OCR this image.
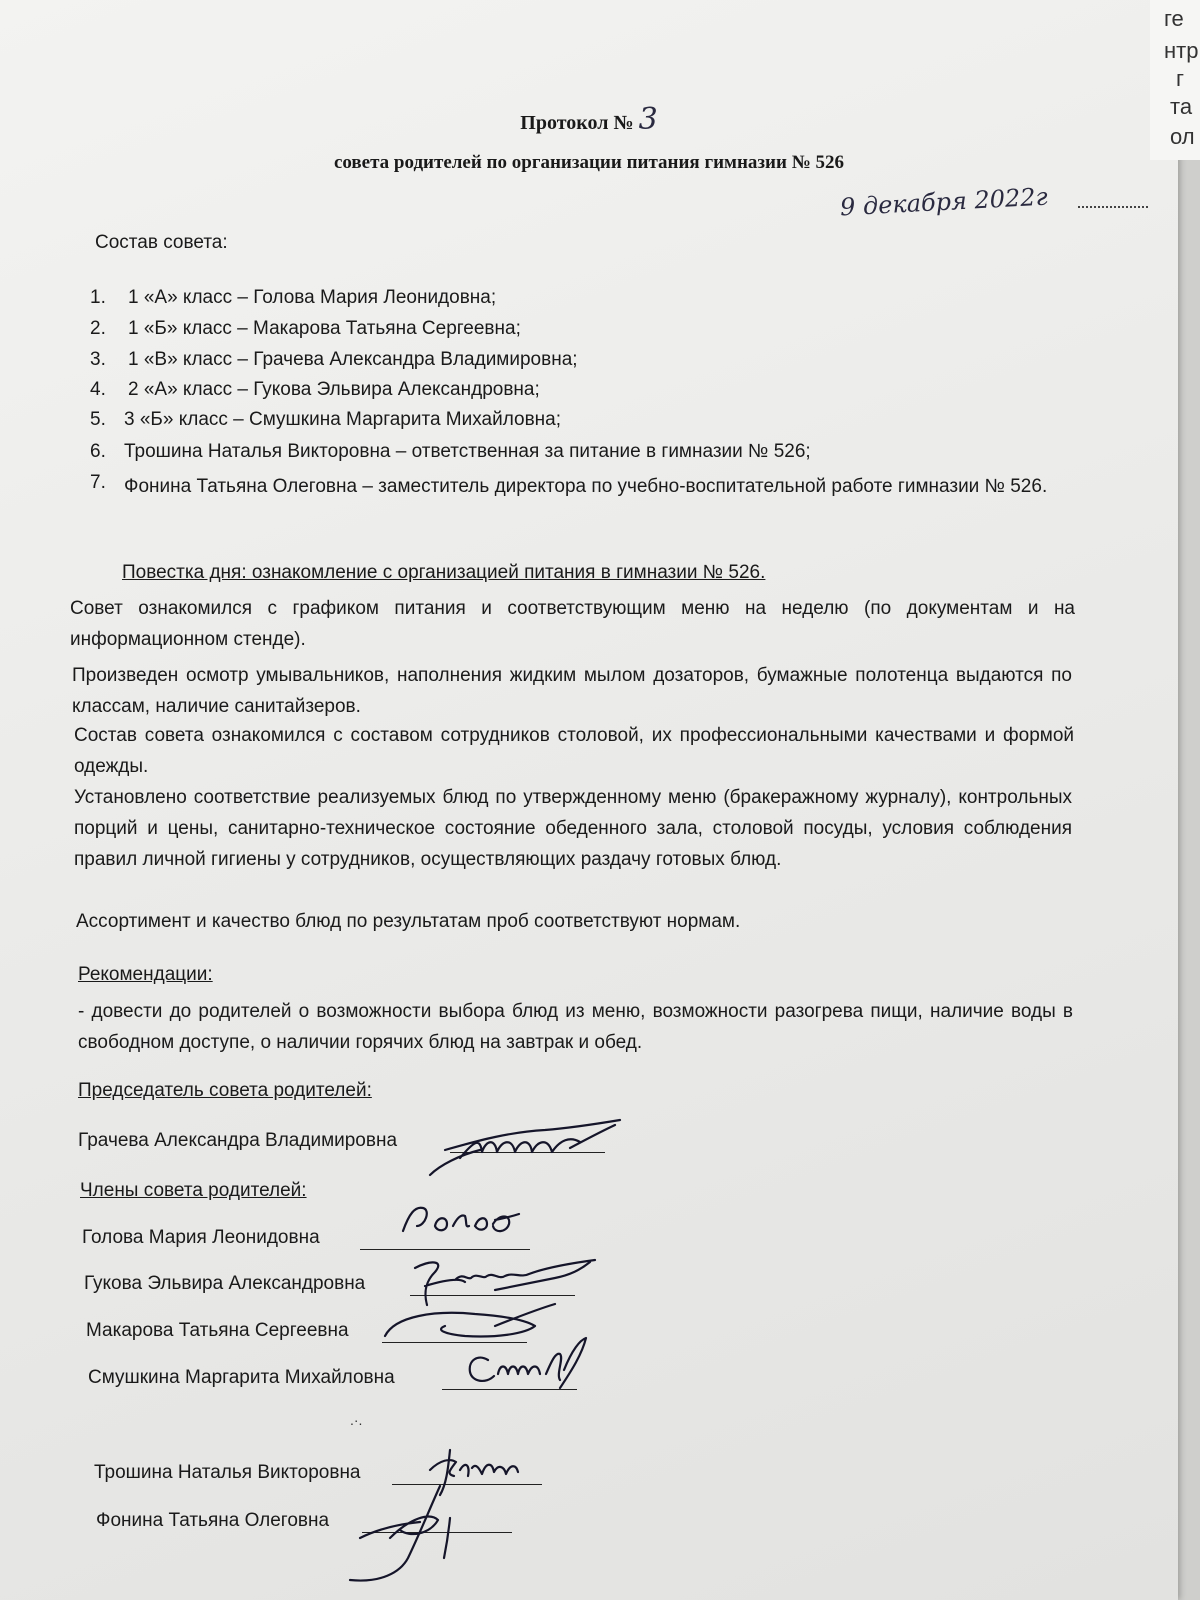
Протокол № 3
совета родителей по организации питания гимназии № 526
9 декабря 2022г
Состав совета:
1. 1 «А» класс – Голова Мария Леонидовна;
2. 1 «Б» класс – Макарова Татьяна Сергеевна;
3. 1 «В» класс – Грачева Александра Владимировна;
4. 2 «А» класс – Гукова Эльвира Александровна;
5. 3 «Б» класс – Смушкина Маргарита Михайловна;
6. Трошина Наталья Викторовна – ответственная за питание в гимназии № 526;
7. Фонина Татьяна Олеговна – заместитель директора по учебно-воспитательной работе гимназии № 526.
Повестка дня: ознакомление с организацией питания в гимназии № 526.
Совет ознакомился с графиком питания и соответствующим меню на неделю (по документам и на информационном стенде).
Произведен осмотр умывальников, наполнения жидким мылом дозаторов, бумажные полотенца выдаются по классам, наличие санитайзеров.
Состав совета ознакомился с составом сотрудников столовой, их профессиональными качествами и формой одежды.
Установлено соответствие реализуемых блюд по утвержденному меню (бракеражному журналу), контрольных порций и цены, санитарно-техническое состояние обеденного зала, столовой посуды, условия соблюдения правил личной гигиены у сотрудников, осуществляющих раздачу готовых блюд.
Ассортимент и качество блюд по результатам проб соответствуют нормам.
Рекомендации:
- довести до родителей о возможности выбора блюд из меню, возможности разогрева пищи, наличие воды в свободном доступе, о наличии горячих блюд на завтрак и обед.
Председатель совета родителей:
Грачева Александра Владимировна
Члены совета родителей:
Голова Мария Леонидовна
Гукова Эльвира Александровна
Макарова Татьяна Сергеевна
Смушкина Маргарита Михайловна
.·.
Трошина Наталья Викторовна
Фонина Татьяна Олеговна
ге
нтр
г
та
ол
